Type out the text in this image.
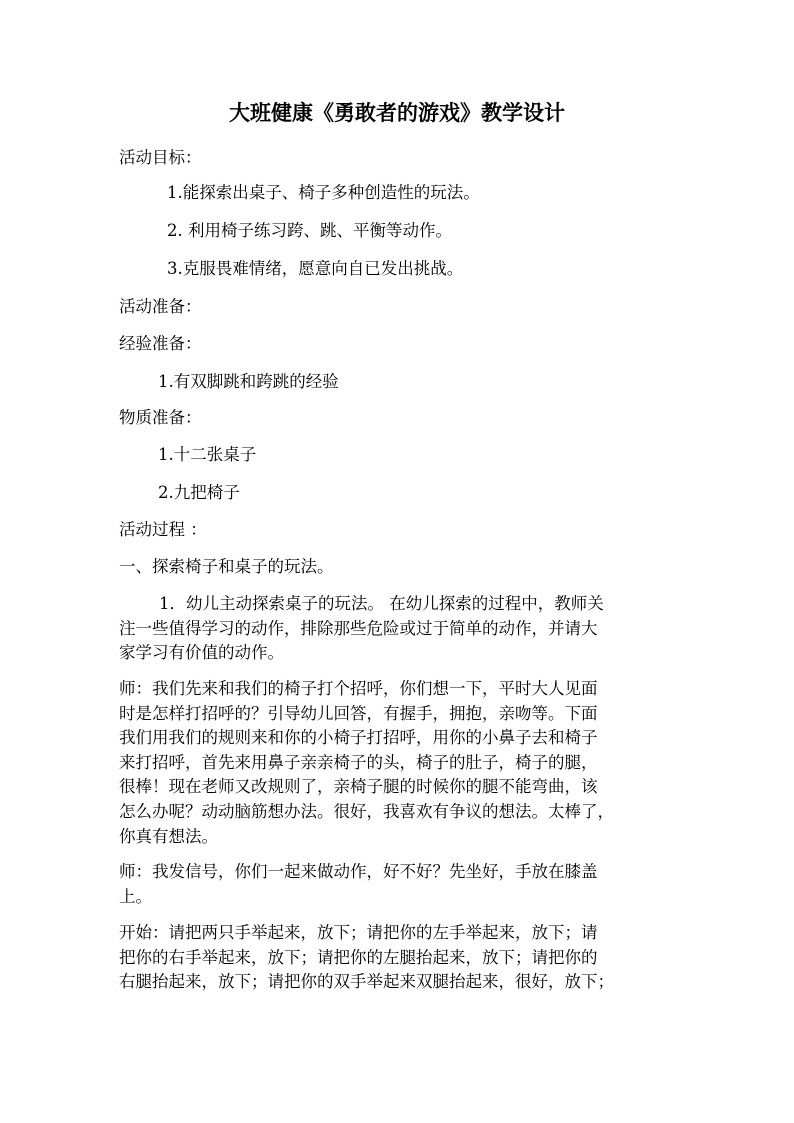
大班健康《勇敢者的游戏》教学设计
活动目标：
1.能探索出桌子、椅子多种创造性的玩法。
2. 利用椅子练习跨、跳、平衡等动作。
3.克服畏难情绪，愿意向自已发出挑战。
活动准备：
经验准备：
1.有双脚跳和跨跳的经验
物质准备：
1.十二张桌子
2.九把椅子
活动过程 ：
一、探索椅子和桌子的玩法。
1．幼儿主动探索桌子的玩法。 在幼儿探索的过程中，教师关
注一些值得学习的动作，排除那些危险或过于简单的动作，并请大
家学习有价值的动作。
师：我们先来和我们的椅子打个招呼，你们想一下，平时大人见面
时是怎样打招呼的？引导幼儿回答，有握手，拥抱，亲吻等。下面
我们用我们的规则来和你的小椅子打招呼，用你的小鼻子去和椅子
来打招呼，首先来用鼻子亲亲椅子的头，椅子的肚子，椅子的腿，
很棒！现在老师又改规则了，亲椅子腿的时候你的腿不能弯曲，该
怎么办呢？动动脑筋想办法。很好，我喜欢有争议的想法。太棒了，
你真有想法。
师：我发信号，你们一起来做动作，好不好？先坐好，手放在膝盖
上。
开始：请把两只手举起来，放下；请把你的左手举起来，放下；请
把你的右手举起来，放下；请把你的左腿抬起来，放下；请把你的
右腿抬起来，放下；请把你的双手举起来双腿抬起来，很好，放下；
